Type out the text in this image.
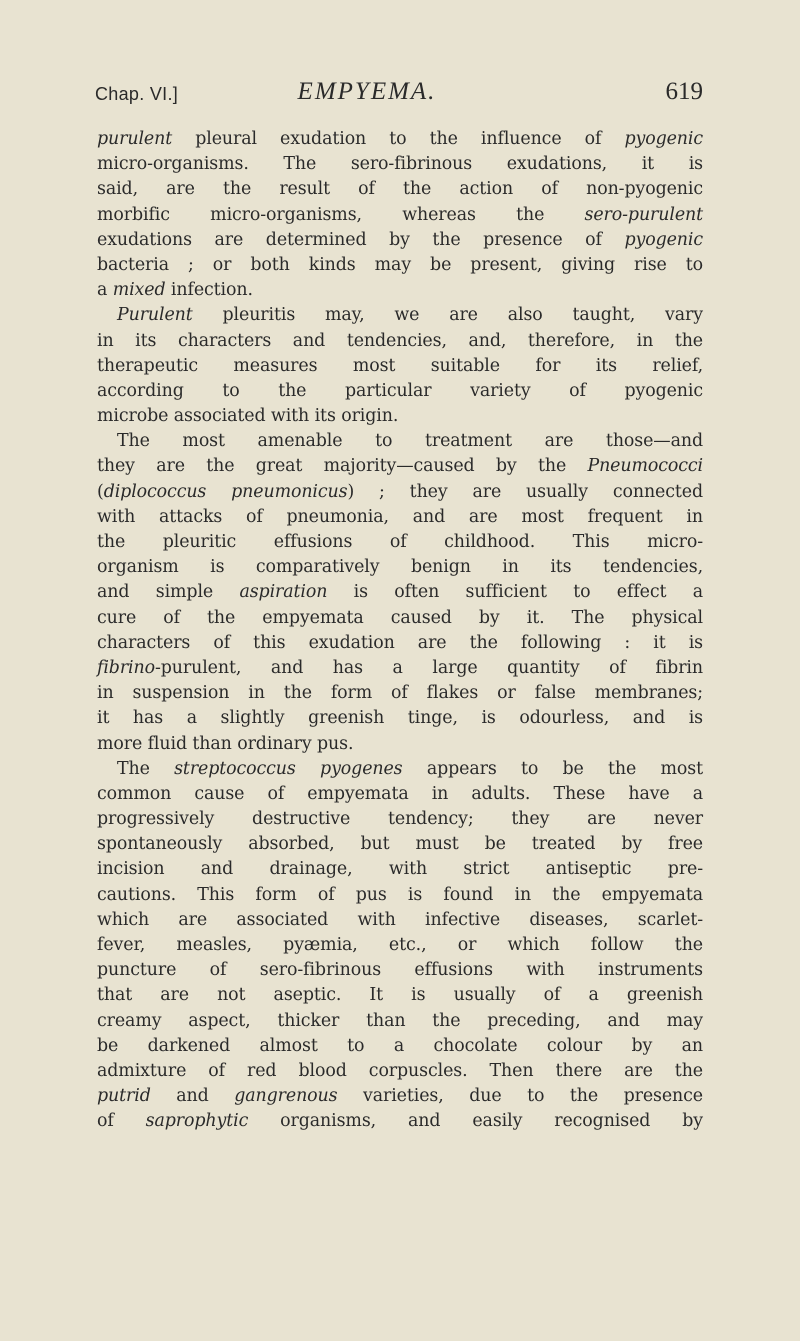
Chap. VI.]	EMPYEMA.	619
purulent pleural exudation to the influence of pyogenic
micro-organisms. The sero-fibrinous exudations, it is
said, are the result of the action of non-pyogenic
morbific micro-organisms, whereas the sero-purulent
exudations are determined by the presence of pyogenic
bacteria ; or both kinds may be present, giving rise to
a mixed infection.
Purulent pleuritis may, we are also taught, vary
in its characters and tendencies, and, therefore, in the
therapeutic measures most suitable for its relief,
according to the particular variety of pyogenic
microbe associated with its origin.
The most amenable to treatment are those—and
they are the great majority—caused by the Pneumococci
(diplococcus pneumonicus) ; they are usually connected
with attacks of pneumonia, and are most frequent in
the pleuritic effusions of childhood. This micro-
organism is comparatively benign in its tendencies,
and simple aspiration is often sufficient to effect a
cure of the empyemata caused by it. The physical
characters of this exudation are the following : it is
fibrino-purulent, and has a large quantity of fibrin
in suspension in the form of flakes or false membranes;
it has a slightly greenish tinge, is odourless, and is
more fluid than ordinary pus.
The streptococcus pyogenes appears to be the most
common cause of empyemata in adults. These have a
progressively destructive tendency; they are never
spontaneously absorbed, but must be treated by free
incision and drainage, with strict antiseptic pre-
cautions. This form of pus is found in the empyemata
which are associated with infective diseases, scarlet-
fever, measles, pyæmia, etc., or which follow the
puncture of sero-fibrinous effusions with instruments
that are not aseptic. It is usually of a greenish
creamy aspect, thicker than the preceding, and may
be darkened almost to a chocolate colour by an
admixture of red blood corpuscles. Then there are the
putrid and gangrenous varieties, due to the presence
of saprophytic organisms, and easily recognised by
